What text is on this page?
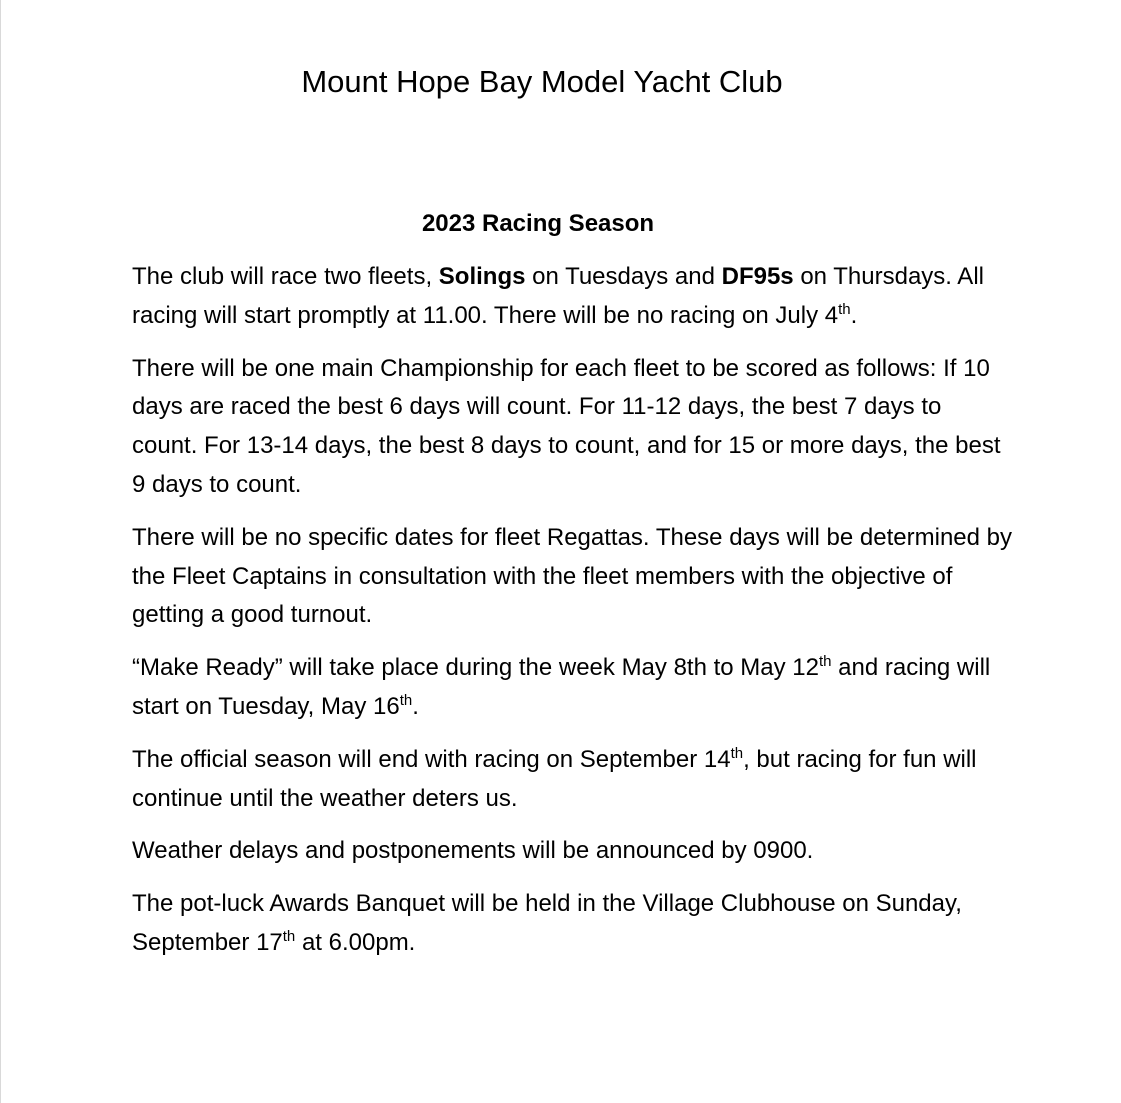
Mount Hope Bay Model Yacht Club
2023 Racing Season

The club will race two fleets, Solings on Tuesdays and DF95s on Thursdays. All racing will start promptly at 11.00. There will be no racing on July 4th.

There will be one main Championship for each fleet to be scored as follows: If 10 days are raced the best 6 days will count. For 11-12 days, the best 7 days to count. For 13-14 days, the best 8 days to count, and for 15 or more days, the best 9 days to count.

There will be no specific dates for fleet Regattas. These days will be determined by the Fleet Captains in consultation with the fleet members with the objective of getting a good turnout.

“Make Ready” will take place during the week May 8th to May 12th and racing will start on Tuesday, May 16th.

The official season will end with racing on September 14th, but racing for fun will continue until the weather deters us.

Weather delays and postponements will be announced by 0900.

The pot-luck Awards Banquet will be held in the Village Clubhouse on Sunday, September 17th at 6.00pm.
